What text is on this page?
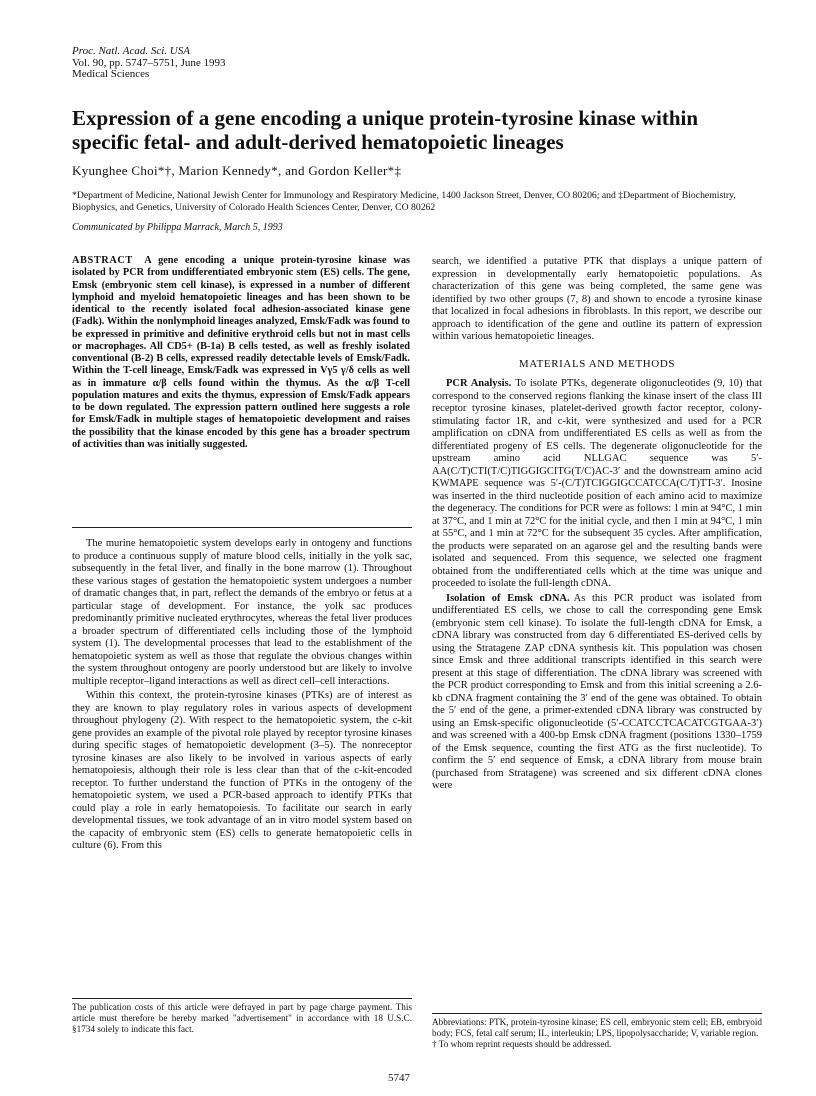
Proc. Natl. Acad. Sci. USA
Vol. 90, pp. 5747–5751, June 1993
Medical Sciences
Expression of a gene encoding a unique protein-tyrosine kinase within specific fetal- and adult-derived hematopoietic lineages
Kyunghee Choi*†, Marion Kennedy*, and Gordon Keller*‡
*Department of Medicine, National Jewish Center for Immunology and Respiratory Medicine, 1400 Jackson Street, Denver, CO 80206; and ‡Department of Biochemistry, Biophysics, and Genetics, University of Colorado Health Sciences Center, Denver, CO 80262
Communicated by Philippa Marrack, March 5, 1993
ABSTRACT A gene encoding a unique protein-tyrosine kinase was isolated by PCR from undifferentiated embryonic stem (ES) cells. The gene, Emsk (embryonic stem cell kinase), is expressed in a number of different lymphoid and myeloid hematopoietic lineages and has been shown to be identical to the recently isolated focal adhesion-associated kinase gene (Fadk). Within the nonlymphoid lineages analyzed, Emsk/Fadk was found to be expressed in primitive and definitive erythroid cells but not in mast cells or macrophages. All CD5+ (B-1a) B cells tested, as well as freshly isolated conventional (B-2) B cells, expressed readily detectable levels of Emsk/Fadk. Within the T-cell lineage, Emsk/Fadk was expressed in Vγ5 γ/δ cells as well as in immature α/β cells found within the thymus. As the α/β T-cell population matures and exits the thymus, expression of Emsk/Fadk appears to be down regulated. The expression pattern outlined here suggests a role for Emsk/Fadk in multiple stages of hematopoietic development and raises the possibility that the kinase encoded by this gene has a broader spectrum of activities than was initially suggested.

The murine hematopoietic system develops early in ontogeny and functions to produce a continuous supply of mature blood cells, initially in the yolk sac, subsequently in the fetal liver, and finally in the bone marrow (1). Throughout these various stages of gestation the hematopoietic system undergoes a number of dramatic changes that, in part, reflect the demands of the embryo or fetus at a particular stage of development. For instance, the yolk sac produces predominantly primitive nucleated erythrocytes, whereas the fetal liver produces a broader spectrum of differentiated cells including those of the lymphoid system (1). The developmental processes that lead to the establishment of the hematopoietic system as well as those that regulate the obvious changes within the system throughout ontogeny are poorly understood but are likely to involve multiple receptor–ligand interactions as well as direct cell–cell interactions.

Within this context, the protein-tyrosine kinases (PTKs) are of interest as they are known to play regulatory roles in various aspects of development throughout phylogeny (2). With respect to the hematopoietic system, the c-kit gene provides an example of the pivotal role played by receptor tyrosine kinases during specific stages of hematopoietic development (3–5). The nonreceptor tyrosine kinases are also likely to be involved in various aspects of early hematopoiesis, although their role is less clear than that of the c-kit-encoded receptor. To further understand the function of PTKs in the ontogeny of the hematopoietic system, we used a PCR-based approach to identify PTKs that could play a role in early hematopoiesis. To facilitate our search in early developmental tissues, we took advantage of an in vitro model system based on the capacity of embryonic stem (ES) cells to generate hematopoietic cells in culture (6). From this

The publication costs of this article were defrayed in part by page charge payment. This article must therefore be hereby marked "advertisement" in accordance with 18 U.S.C. §1734 solely to indicate this fact.

search, we identified a putative PTK that displays a unique pattern of expression in developmentally early hematopoietic populations. As characterization of this gene was being completed, the same gene was identified by two other groups (7, 8) and shown to encode a tyrosine kinase that localized in focal adhesions in fibroblasts. In this report, we describe our approach to identification of the gene and outline its pattern of expression within various hematopoietic lineages.

MATERIALS AND METHODS

PCR Analysis. To isolate PTKs, degenerate oligonucleotides (9, 10) that correspond to the conserved regions flanking the kinase insert of the class III receptor tyrosine kinases, platelet-derived growth factor receptor, colony-stimulating factor 1R, and c-kit, were synthesized and used for a PCR amplification on cDNA from undifferentiated ES cells as well as from the differentiated progeny of ES cells. The degenerate oligonucleotide for the upstream amino acid NLLGAC sequence was 5′-AA(C/T)CTI(T/C)TIGGIGCITG(T/C)AC-3′ and the downstream amino acid KWMAPE sequence was 5′-(C/T)TCIGGIGCCATCCA(C/T)TT-3′. Inosine was inserted in the third nucleotide position of each amino acid to maximize the degeneracy. The conditions for PCR were as follows: 1 min at 94°C, 1 min at 37°C, and 1 min at 72°C for the initial cycle, and then 1 min at 94°C, 1 min at 55°C, and 1 min at 72°C for the subsequent 35 cycles. After amplification, the products were separated on an agarose gel and the resulting bands were isolated and sequenced. From this sequence, we selected one fragment obtained from the undifferentiated cells which at the time was unique and proceeded to isolate the full-length cDNA.

Isolation of Emsk cDNA. As this PCR product was isolated from undifferentiated ES cells, we chose to call the corresponding gene Emsk (embryonic stem cell kinase). To isolate the full-length cDNA for Emsk, a cDNA library was constructed from day 6 differentiated ES-derived cells by using the Stratagene ZAP cDNA synthesis kit. This population was chosen since Emsk and three additional transcripts identified in this search were present at this stage of differentiation. The cDNA library was screened with the PCR product corresponding to Emsk and from this initial screening a 2.6-kb cDNA fragment containing the 3′ end of the gene was obtained. To obtain the 5′ end of the gene, a primer-extended cDNA library was constructed by using an Emsk-specific oligonucleotide (5′-CCATCCTCACATCGTGAA-3′) and was screened with a 400-bp Emsk cDNA fragment (positions 1330–1759 of the Emsk sequence, counting the first ATG as the first nucleotide). To confirm the 5′ end sequence of Emsk, a cDNA library from mouse brain (purchased from Stratagene) was screened and six different cDNA clones were

Abbreviations: PTK, protein-tyrosine kinase; ES cell, embryonic stem cell; EB, embryoid body; FCS, fetal calf serum; IL, interleukin; LPS, lipopolysaccharide; V, variable region.
† To whom reprint requests should be addressed.
5747
